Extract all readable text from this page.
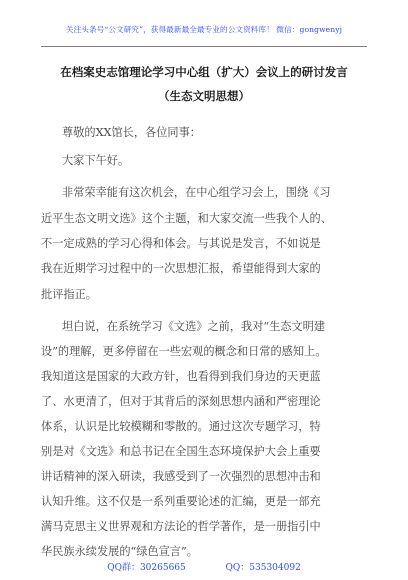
关注头条号“公文研究”，获得最新最全最专业的公文资料库！ 微信：gongwenyj
在档案史志馆理论学习中心组（扩大）会议上的研讨发言
（生态文明思想）
尊敬的XX馆长，各位同事：
大家下午好。
非常荣幸能有这次机会，在中心组学习会上，围绕《习
近平生态文明文选》这个主题，和大家交流一些我个人的、
不一定成熟的学习心得和体会。与其说是发言，不如说是
我在近期学习过程中的一次思想汇报，希望能得到大家的
批评指正。
坦白说，在系统学习《文选》之前，我对“生态文明建
设”的理解，更多停留在一些宏观的概念和日常的感知上。
我知道这是国家的大政方针，也看得到我们身边的天更蓝
了、水更清了，但对于其背后的深刻思想内涵和严密理论
体系，认识是比较模糊和零散的。通过这次专题学习，特
别是对《文选》和总书记在全国生态环境保护大会上重要
讲话精神的深入研读，我感受到了一次强烈的思想冲击和
认知升维。这不仅是一系列重要论述的汇编，更是一部充
满马克思主义世界观和方法论的哲学著作，是一册指引中
华民族永续发展的“绿色宣言”。
QQ群：30265665	QQ：535304092
